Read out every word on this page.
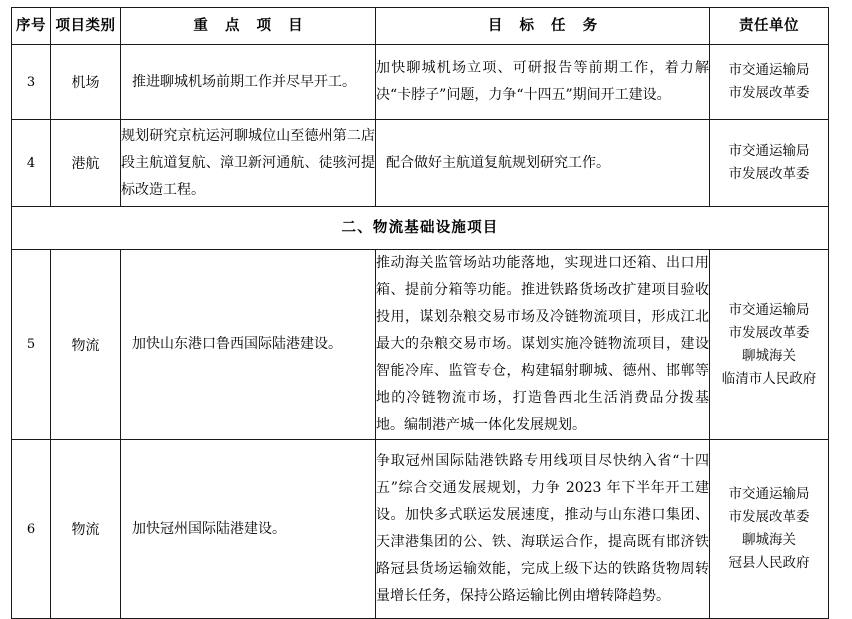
序号	项目类别	重 点 项 目	目 标 任 务	责任单位
3	机场	推进聊城机场前期工作并尽早开工。	加快聊城机场立项、可研报告等前期工作，着力解决“卡脖子”问题，力争“十四五”期间开工建设。	市交通运输局
市发展改革委

4	港航	规划研究京杭运河聊城位山至德州第二店段主航道复航、漳卫新河通航、徒骇河提标改造工程。	配合做好主航道复航规划研究工作。	市交通运输局
市发展改革委

二、物流基础设施项目				
5	物流	加快山东港口鲁西国际陆港建设。	推动海关监管场站功能落地，实现进口还箱、出口用箱、提前分箱等功能。推进铁路货场改扩建项目验收投用，谋划杂粮交易市场及冷链物流项目，形成江北最大的杂粮交易市场。谋划实施冷链物流项目，建设智能冷库、监管专仓，构建辐射聊城、德州、邯郸等地的冷链物流市场，打造鲁西北生活消费品分拨基地。编制港产城一体化发展规划。	市交通运输局
市发展改革委
聊城海关
临清市人民政府

6	物流	加快冠州国际陆港建设。	争取冠州国际陆港铁路专用线项目尽快纳入省“十四五”综合交通发展规划，力争 2023 年下半年开工建设。加快多式联运发展速度，推动与山东港口集团、天津港集团的公、铁、海联运合作，提高既有邯济铁路冠县货场运输效能，完成上级下达的铁路货物周转量增长任务，保持公路运输比例由增转降趋势。	市交通运输局
市发展改革委
聊城海关
冠县人民政府
